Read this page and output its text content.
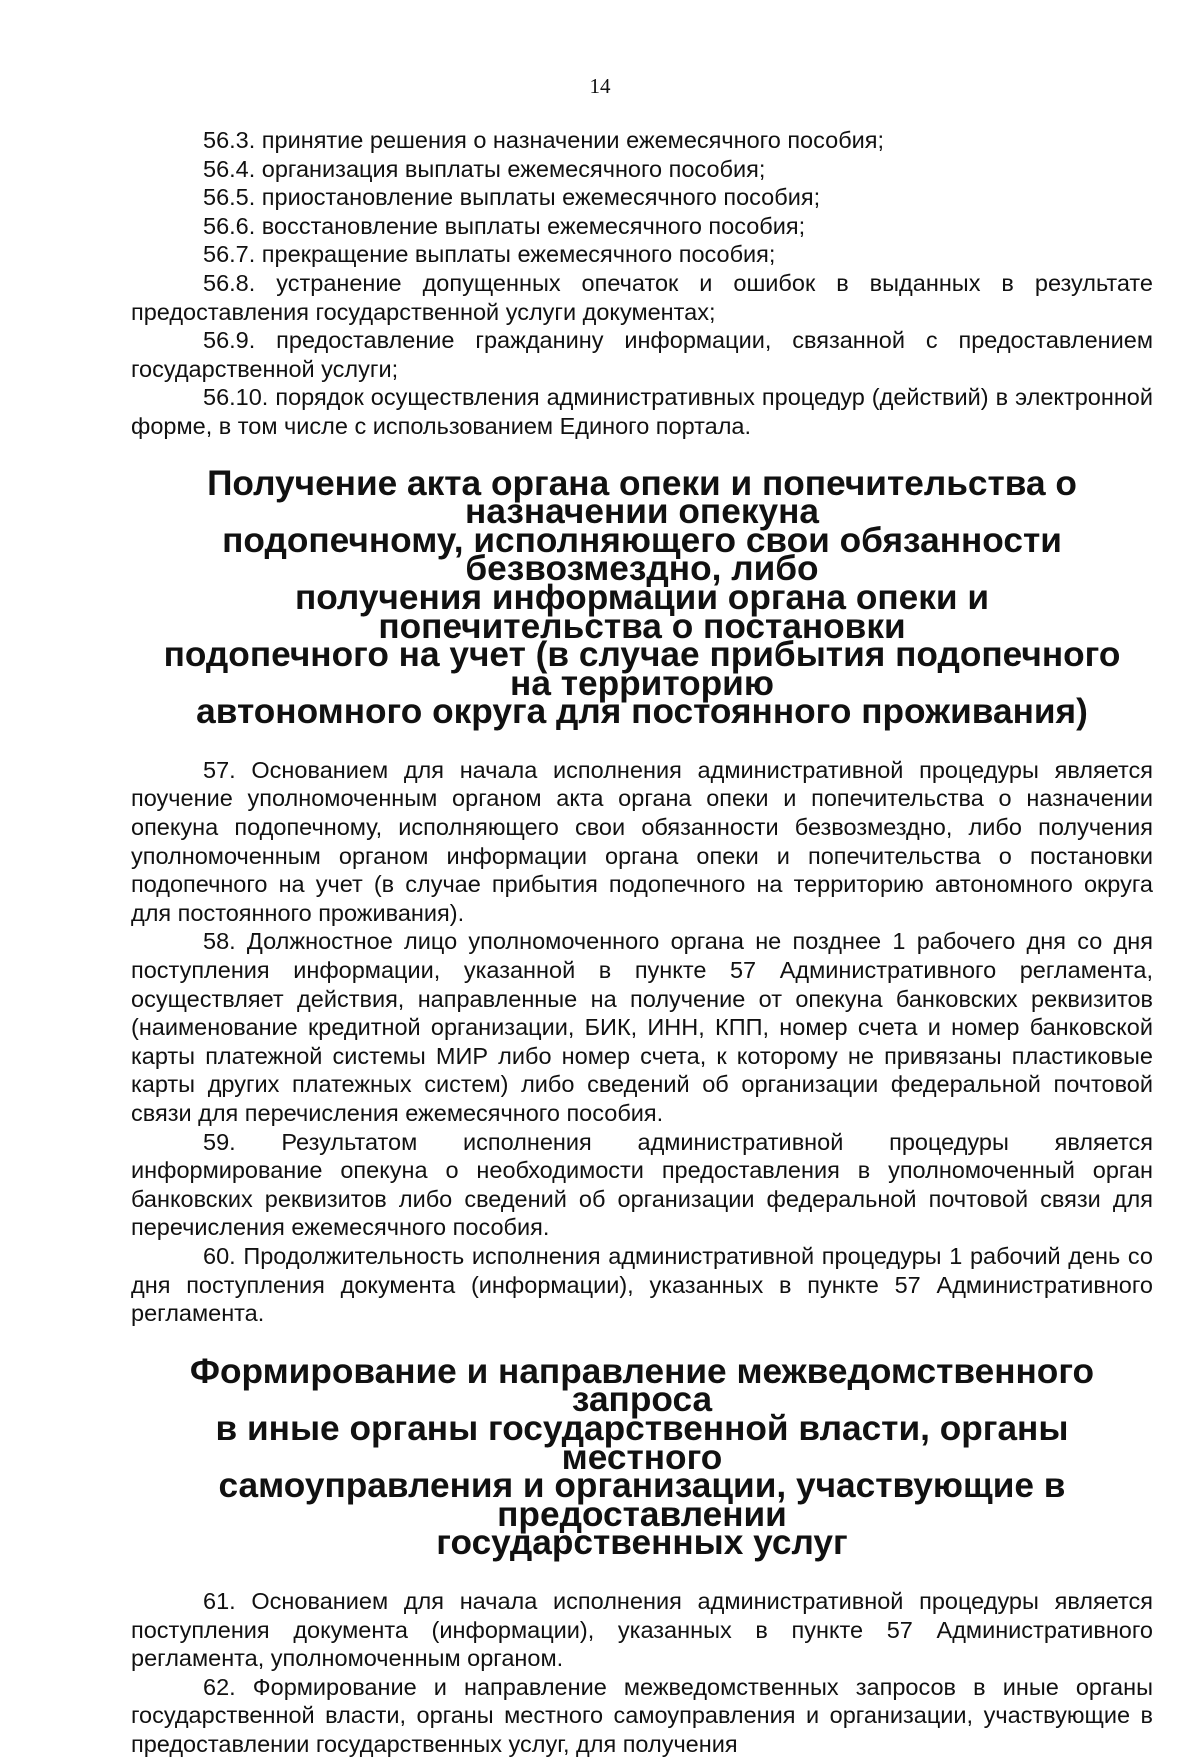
14

56.3. принятие решения о назначении ежемесячного пособия;

56.4. организация выплаты ежемесячного пособия;

56.5. приостановление выплаты ежемесячного пособия;

56.6. восстановление выплаты ежемесячного пособия;

56.7. прекращение выплаты ежемесячного пособия;

56.8. устранение допущенных опечаток и ошибок в выданных в результате предоставления государственной услуги документах;

56.9. предоставление гражданину информации, связанной с предоставлением государственной услуги;

56.10. порядок осуществления административных процедур (действий) в электронной форме, в том числе с использованием Единого портала.

Получение акта органа опеки и попечительства о назначении опекуна
подопечному, исполняющего свои обязанности безвозмездно, либо
получения информации органа опеки и попечительства о постановки
подопечного на учет (в случае прибытия подопечного на территорию
автономного округа для постоянного проживания)

57. Основанием для начала исполнения административной процедуры является поучение уполномоченным органом акта органа опеки и попечительства о назначении опекуна подопечному, исполняющего свои обязанности безвозмездно, либо получения уполномоченным органом информации органа опеки и попечительства о постановки подопечного на учет (в случае прибытия подопечного на территорию автономного округа для постоянного проживания).

58. Должностное лицо уполномоченного органа не позднее 1 рабочего дня со дня поступления информации, указанной в пункте 57 Административного регламента, осуществляет действия, направленные на получение от опекуна банковских реквизитов (наименование кредитной организации, БИК, ИНН, КПП, номер счета и номер банковской карты платежной системы МИР либо номер счета, к которому не привязаны пластиковые карты других платежных систем) либо сведений об организации федеральной почтовой связи для перечисления ежемесячного пособия.

59. Результатом исполнения административной процедуры является информирование опекуна о необходимости предоставления в уполномоченный орган банковских реквизитов либо сведений об организации федеральной почтовой связи для перечисления ежемесячного пособия.

60. Продолжительность исполнения административной процедуры 1 рабочий день со дня поступления документа (информации), указанных в пункте 57 Административного регламента.

Формирование и направление межведомственного запроса
в иные органы государственной власти, органы местного
самоуправления и организации, участвующие в предоставлении
государственных услуг

61. Основанием для начала исполнения административной процедуры является поступления документа (информации), указанных в пункте 57 Административного регламента, уполномоченным органом.

62. Формирование и направление межведомственных запросов в иные органы государственной власти, органы местного самоуправления и организации, участвующие в предоставлении государственных услуг, для получения
